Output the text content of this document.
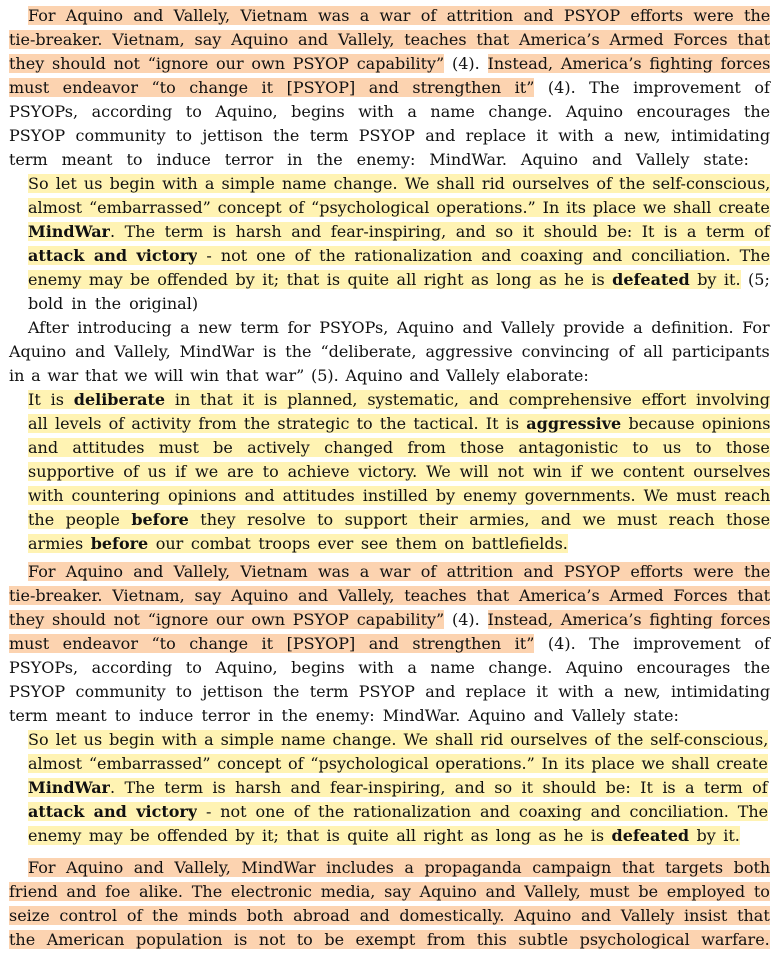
For Aquino and Vallely, Vietnam was a war of attrition and PSYOP efforts were the
tie-breaker. Vietnam, say Aquino and Vallely, teaches that America’s Armed Forces that
they should not “ignore our own PSYOP capability” (4). Instead, America’s fighting forces
must endeavor “to change it [PSYOP] and strengthen it” (4). The improvement of
PSYOPs, according to Aquino, begins with a name change. Aquino encourages the
PSYOP community to jettison the term PSYOP and replace it with a new, intimidating
term meant to induce terror in the enemy: MindWar. Aquino and Vallely state:
So let us begin with a simple name change. We shall rid ourselves of the self-conscious,
almost “embarrassed” concept of “psychological operations.” In its place we shall create
MindWar. The term is harsh and fear-inspiring, and so it should be: It is a term of
attack and victory - not one of the rationalization and coaxing and conciliation. The
enemy may be offended by it; that is quite all right as long as he is defeated by it. (5;
bold in the original)
After introducing a new term for PSYOPs, Aquino and Vallely provide a definition. For
Aquino and Vallely, MindWar is the “deliberate, aggressive convincing of all participants
in a war that we will win that war” (5). Aquino and Vallely elaborate:
It is deliberate in that it is planned, systematic, and comprehensive effort involving
all levels of activity from the strategic to the tactical. It is aggressive because opinions
and attitudes must be actively changed from those antagonistic to us to those
supportive of us if we are to achieve victory. We will not win if we content ourselves
with countering opinions and attitudes instilled by enemy governments. We must reach
the people before they resolve to support their armies, and we must reach those
armies before our combat troops ever see them on battlefields.
For Aquino and Vallely, Vietnam was a war of attrition and PSYOP efforts were the
tie-breaker. Vietnam, say Aquino and Vallely, teaches that America’s Armed Forces that
they should not “ignore our own PSYOP capability” (4). Instead, America’s fighting forces
must endeavor “to change it [PSYOP] and strengthen it” (4). The improvement of
PSYOPs, according to Aquino, begins with a name change. Aquino encourages the
PSYOP community to jettison the term PSYOP and replace it with a new, intimidating
term meant to induce terror in the enemy: MindWar. Aquino and Vallely state:
So let us begin with a simple name change. We shall rid ourselves of the self-conscious,
almost “embarrassed” concept of “psychological operations.” In its place we shall create
MindWar. The term is harsh and fear-inspiring, and so it should be: It is a term of
attack and victory - not one of the rationalization and coaxing and conciliation. The
enemy may be offended by it; that is quite all right as long as he is defeated by it.
For Aquino and Vallely, MindWar includes a propaganda campaign that targets both
friend and foe alike. The electronic media, say Aquino and Vallely, must be employed to
seize control of the minds both abroad and domestically. Aquino and Vallely insist that
the American population is not to be exempt from this subtle psychological warfare.
